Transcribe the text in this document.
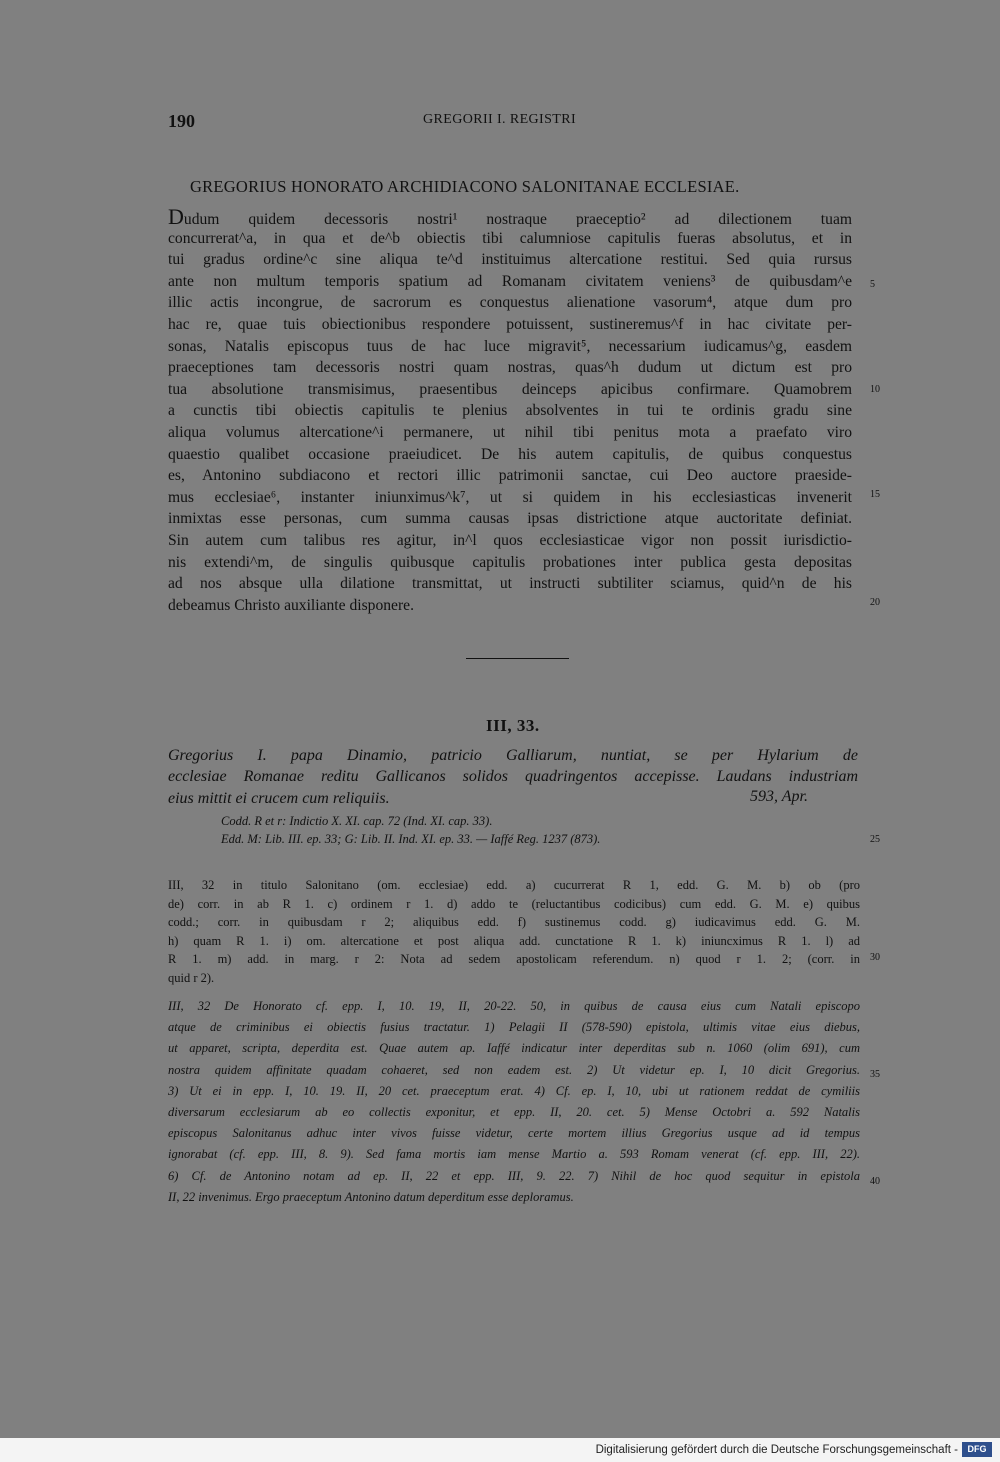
190	GREGORII I. REGISTRI
GREGORIUS HONORATO ARCHIDIACONO SALONITANAE ECCLESIAE.
Dudum quidem decessoris nostri¹ nostraque praeceptio² ad dilectionem tuam
concurrerat^a, in qua et de^b obiectis tibi calumniose capitulis fueras absolutus, et in
tui gradus ordine^c sine aliqua te^d instituimus altercatione restitui. Sed quia rursus
ante non multum temporis spatium ad Romanam civitatem veniens³ de quibusdam^e
illic actis incongrue, de sacrorum es conquestus alienatione vasorum⁴, atque dum pro
hac re, quae tuis obiectionibus respondere potuissent, sustineremus^f in hac civitate per-
sonas, Natalis episcopus tuus de hac luce migravit⁵, necessarium iudicamus^g, easdem
praeceptiones tam decessoris nostri quam nostras, quas^h dudum ut dictum est pro
tua absolutione transmisimus, praesentibus deinceps apicibus confirmare. Quamobrem
a cunctis tibi obiectis capitulis te plenius absolventes in tui te ordinis gradu sine
aliqua volumus altercatione^i permanere, ut nihil tibi penitus mota a praefato viro
quaestio qualibet occasione praeiudicet. De his autem capitulis, de quibus conquestus
es, Antonino subdiacono et rectori illic patrimonii sanctae, cui Deo auctore praeside-
mus ecclesiae⁶, instanter iniunximus^k⁷, ut si quidem in his ecclesiasticas invenerit
inmixtas esse personas, cum summa causas ipsas districtione atque auctoritate definiat.
Sin autem cum talibus res agitur, in^l quos ecclesiasticae vigor non possit iurisdictio-
nis extendi^m, de singulis quibusque capitulis probationes inter publica gesta depositas
ad nos absque ulla dilatione transmittat, ut instructi subtiliter sciamus, quid^n de his
debeamus Christo auxiliante disponere.
5
10
15
20
III, 33.
Gregorius I. papa Dinamio, patricio Galliarum, nuntiat, se per Hylarium de
ecclesiae Romanae reditu Gallicanos solidos quadringentos accepisse. Laudans industriam
eius mittit ei crucem cum reliquiis.	593, Apr.
Codd. R et r: Indictio X. XI. cap. 72 (Ind. XI. cap. 33).
Edd. M: Lib. III. ep. 33; G: Lib. II. Ind. XI. ep. 33. — Iaffé Reg. 1237 (873).	25
III, 32 in titulo Salonitano (om. ecclesiae) edd. a) cucurrerat R 1, edd. G. M. b) ob (pro
de) corr. in ab R 1. c) ordinem r 1. d) addo te (reluctantibus codicibus) cum edd. G. M. e) quibus
codd.; corr. in quibusdam r 2; aliquibus edd. f) sustinemus codd. g) iudicavimus edd. G. M.
h) quam R 1. i) om. altercatione et post aliqua add. cunctatione R 1. k) iniuncximus R 1. l) ad
R 1. m) add. in marg. r 2: Nota ad sedem apostolicam referendum. n) quod r 1. 2; (corr. in
quid r 2).
30
III, 32 De Honorato cf. epp. I, 10. 19, II, 20-22. 50, in quibus de causa eius cum Natali episcopo
atque de criminibus ei obiectis fusius tractatur. 1) Pelagii II (578-590) epistola, ultimis vitae eius diebus,
ut apparet, scripta, deperdita est. Quae autem ap. Iaffé indicatur inter deperditas sub n. 1060 (olim 691), cum
nostra quidem affinitate quadam cohaeret, sed non eadem est. 2) Ut videtur ep. I, 10 dicit Gregorius.
3) Ut ei in epp. I, 10. 19. II, 20 cet. praeceptum erat. 4) Cf. ep. I, 10, ubi ut rationem reddat de cymiliis
diversarum ecclesiarum ab eo collectis exponitur, et epp. II, 20. cet. 5) Mense Octobri a. 592 Natalis
episcopus Salonitanus adhuc inter vivos fuisse videtur, certe mortem illius Gregorius usque ad id tempus
ignorabat (cf. epp. III, 8. 9). Sed fama mortis iam mense Martio a. 593 Romam venerat (cf. epp. III, 22).
6) Cf. de Antonino notam ad ep. II, 22 et epp. III, 9. 22. 7) Nihil de hoc quod sequitur in epistola
II, 22 invenimus. Ergo praeceptum Antonino datum deperditum esse deploramus.
35
40
Digitalisierung gefördert durch die Deutsche Forschungsgemeinschaft -	DFG
